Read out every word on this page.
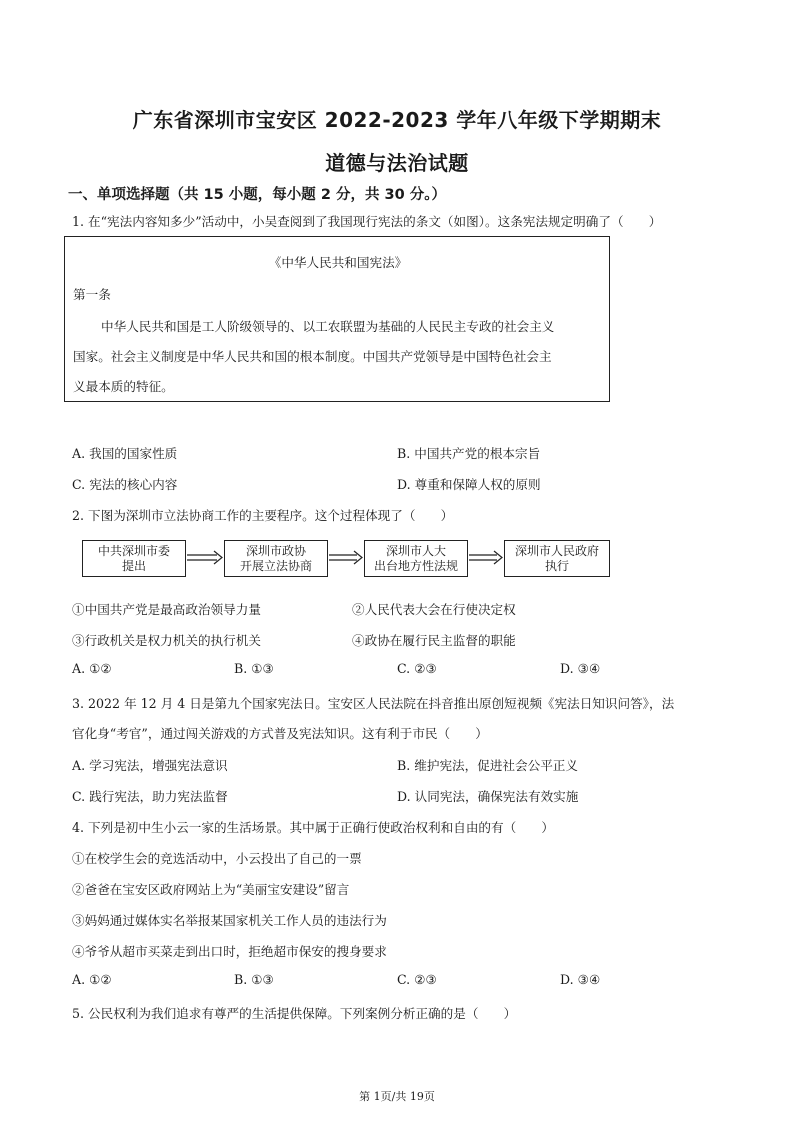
广东省深圳市宝安区 2022-2023 学年八年级下学期期末
道德与法治试题
一、单项选择题（共 15 小题，每小题 2 分，共 30 分。）
1. 在“宪法内容知多少”活动中，小吴查阅到了我国现行宪法的条文（如图）。这条宪法规定明确了（　　）
《中华人民共和国宪法》
第一条
中华人民共和国是工人阶级领导的、以工农联盟为基础的人民民主专政的社会主义
国家。社会主义制度是中华人民共和国的根本制度。中国共产党领导是中国特色社会主
义最本质的特征。
A. 我国的国家性质	B. 中国共产党的根本宗旨
C. 宪法的核心内容	D. 尊重和保障人权的原则
2. 下图为深圳市立法协商工作的主要程序。这个过程体现了（　　）
中共深圳市委
提出
深圳市政协
开展立法协商
深圳市人大
出台地方性法规
深圳市人民政府
执行
①中国共产党是最高政治领导力量	②人民代表大会在行使决定权
③行政机关是权力机关的执行机关	④政协在履行民主监督的职能
A. ①②	B. ①③	C. ②③	D. ③④
3. 2022 年 12 月 4 日是第九个国家宪法日。宝安区人民法院在抖音推出原创短视频《宪法日知识问答》，法
官化身“考官”，通过闯关游戏的方式普及宪法知识。这有利于市民（　　）
A. 学习宪法，增强宪法意识	B. 维护宪法，促进社会公平正义
C. 践行宪法，助力宪法监督	D. 认同宪法，确保宪法有效实施
4. 下列是初中生小云一家的生活场景。其中属于正确行使政治权利和自由的有（　　）
①在校学生会的竞选活动中，小云投出了自己的一票
②爸爸在宝安区政府网站上为“美丽宝安建设”留言
③妈妈通过媒体实名举报某国家机关工作人员的违法行为
④爷爷从超市买菜走到出口时，拒绝超市保安的搜身要求
A. ①②	B. ①③	C. ②③	D. ③④
5. 公民权利为我们追求有尊严的生活提供保障。下列案例分析正确的是（　　）
第 1页/共 19页
